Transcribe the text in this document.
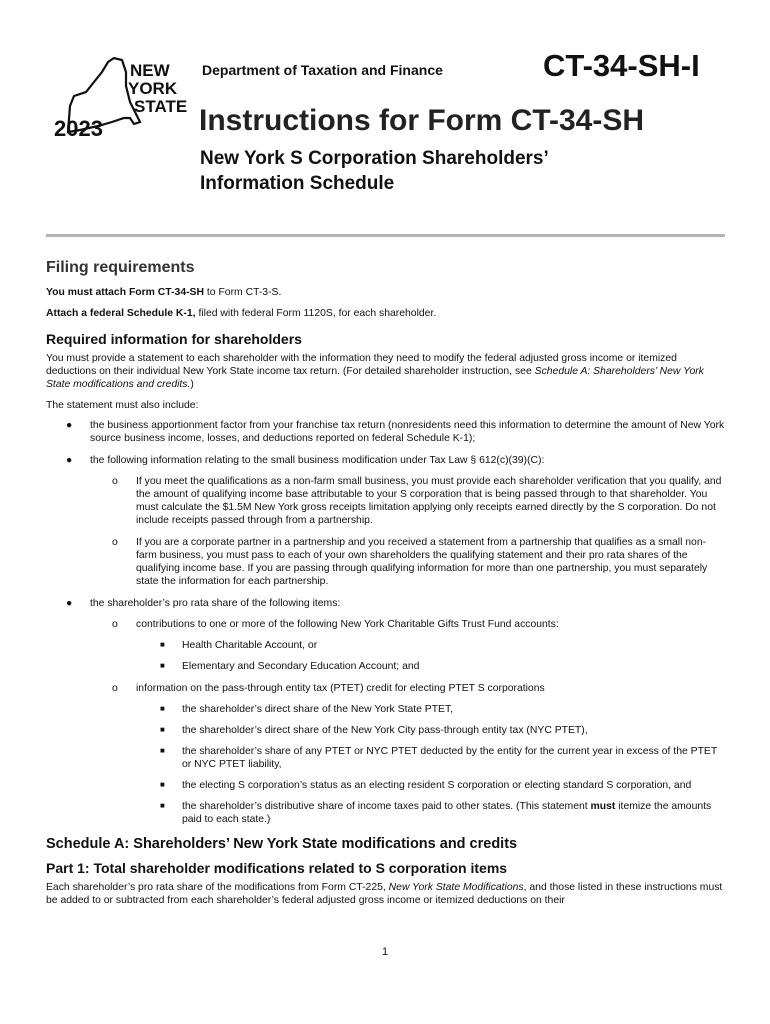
NEW
YORK
STATE
2023
Department of Taxation and Finance	CT-34-SH-I
Instructions for Form CT-34-SH
New York S Corporation Shareholders’
Information Schedule
Filing requirements

You must attach Form CT-34-SH to Form CT-3-S.

Attach a federal Schedule K-1, filed with federal Form 1120S, for each shareholder.

Required information for shareholders

You must provide a statement to each shareholder with the information they need to modify the federal adjusted gross income or itemized deductions on their individual New York State income tax return. (For detailed shareholder instruction, see Schedule A: Shareholders’ New York State modifications and credits.)

The statement must also include:

● the business apportionment factor from your franchise tax return (nonresidents need this information to determine the amount of New York source business income, losses, and deductions reported on federal Schedule K-1);
● the following information relating to the small business modification under Tax Law § 612(c)(39)(C):
o If you meet the qualifications as a non-farm small business, you must provide each shareholder verification that you qualify, and the amount of qualifying income base attributable to your S corporation that is being passed through to that shareholder. You must calculate the $1.5M New York gross receipts limitation applying only receipts earned directly by the S corporation. Do not include receipts passed through from a partnership.
o If you are a corporate partner in a partnership and you received a statement from a partnership that qualifies as a small non-farm business, you must pass to each of your own shareholders the qualifying statement and their pro rata shares of the qualifying income base. If you are passing through qualifying information for more than one partnership, you must separately state the information for each partnership.
● the shareholder’s pro rata share of the following items:
o contributions to one or more of the following New York Charitable Gifts Trust Fund accounts:
■ Health Charitable Account, or
■ Elementary and Secondary Education Account; and
o information on the pass-through entity tax (PTET) credit for electing PTET S corporations
■ the shareholder’s direct share of the New York State PTET,
■ the shareholder’s direct share of the New York City pass-through entity tax (NYC PTET),
■ the shareholder’s share of any PTET or NYC PTET deducted by the entity for the current year in excess of the PTET or NYC PTET liability,
■ the electing S corporation’s status as an electing resident S corporation or electing standard S corporation, and
■ the shareholder’s distributive share of income taxes paid to other states. (This statement must itemize the amounts paid to each state.)
Schedule A: Shareholders’ New York State modifications and credits
Part 1: Total shareholder modifications related to S corporation items

Each shareholder’s pro rata share of the modifications from Form CT-225, New York State Modifications, and those listed in these instructions must be added to or subtracted from each shareholder’s federal adjusted gross income or itemized deductions on their

1
